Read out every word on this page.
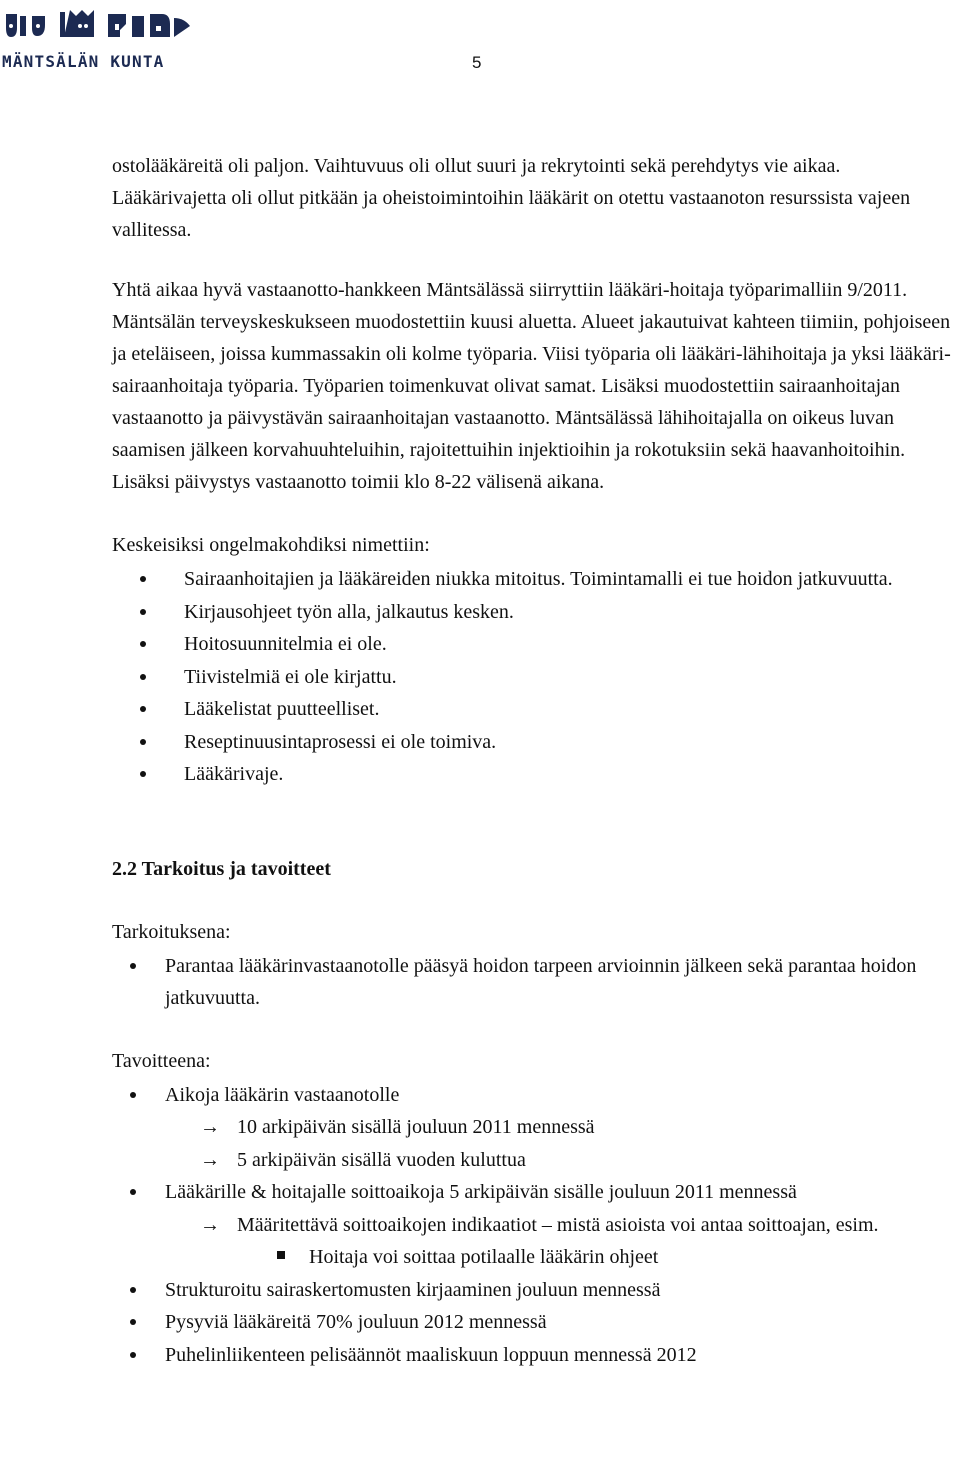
MÄNTSÄLÄN KUNTA	5

ostolääkäreitä oli paljon. Vaihtuvuus oli ollut suuri ja rekrytointi sekä perehdytys vie aikaa. Lääkärivajetta oli ollut pitkään ja oheistoimintoihin lääkärit on otettu vastaanoton resurssista vajeen vallitessa.

Yhtä aikaa hyvä vastaanotto-hankkeen Mäntsälässä siirryttiin lääkäri-hoitaja työparimalliin 9/2011. Mäntsälän terveyskeskukseen muodostettiin kuusi aluetta. Alueet jakautuivat kahteen tiimiin, pohjoiseen ja eteläiseen, joissa kummassakin oli kolme työparia. Viisi työparia oli lääkäri-lähihoitaja ja yksi lääkäri-sairaanhoitaja työparia. Työparien toimenkuvat olivat samat. Lisäksi muodostettiin sairaanhoitajan vastaanotto ja päivystävän sairaanhoitajan vastaanotto. Mäntsälässä lähihoitajalla on oikeus luvan saamisen jälkeen korvahuuhteluihin, rajoitettuihin injektioihin ja rokotuksiin sekä haavanhoitoihin. Lisäksi päivystys vastaanotto toimii klo 8-22 välisenä aikana.

Keskeisiksi ongelmakohdiksi nimettiin:

Sairaanhoitajien ja lääkäreiden niukka mitoitus. Toimintamalli ei tue hoidon jatkuvuutta.
Kirjausohjeet työn alla, jalkautus kesken.
Hoitosuunnitelmia ei ole.
Tiivistelmiä ei ole kirjattu.
Lääkelistat puutteelliset.
Reseptinuusintaprosessi ei ole toimiva.
Lääkärivaje.

2.2 Tarkoitus ja tavoitteet

Tarkoituksena:

Parantaa lääkärinvastaanotolle pääsyä hoidon tarpeen arvioinnin jälkeen sekä parantaa hoidon jatkuvuutta.

Tavoitteena:

Aikoja lääkärin vastaanotolle
→ 10 arkipäivän sisällä jouluun 2011 mennessä
→ 5 arkipäivän sisällä vuoden kuluttua
Lääkärille & hoitajalle soittoaikoja 5 arkipäivän sisälle jouluun 2011 mennessä
→ Määritettävä soittoaikojen indikaatiot – mistä asioista voi antaa soittoajan, esim.
Hoitaja voi soittaa potilaalle lääkärin ohjeet
Strukturoitu sairaskertomusten kirjaaminen jouluun mennessä
Pysyviä lääkäreitä 70% jouluun 2012 mennessä
Puhelinliikenteen pelisäännöt maaliskuun loppuun mennessä 2012
